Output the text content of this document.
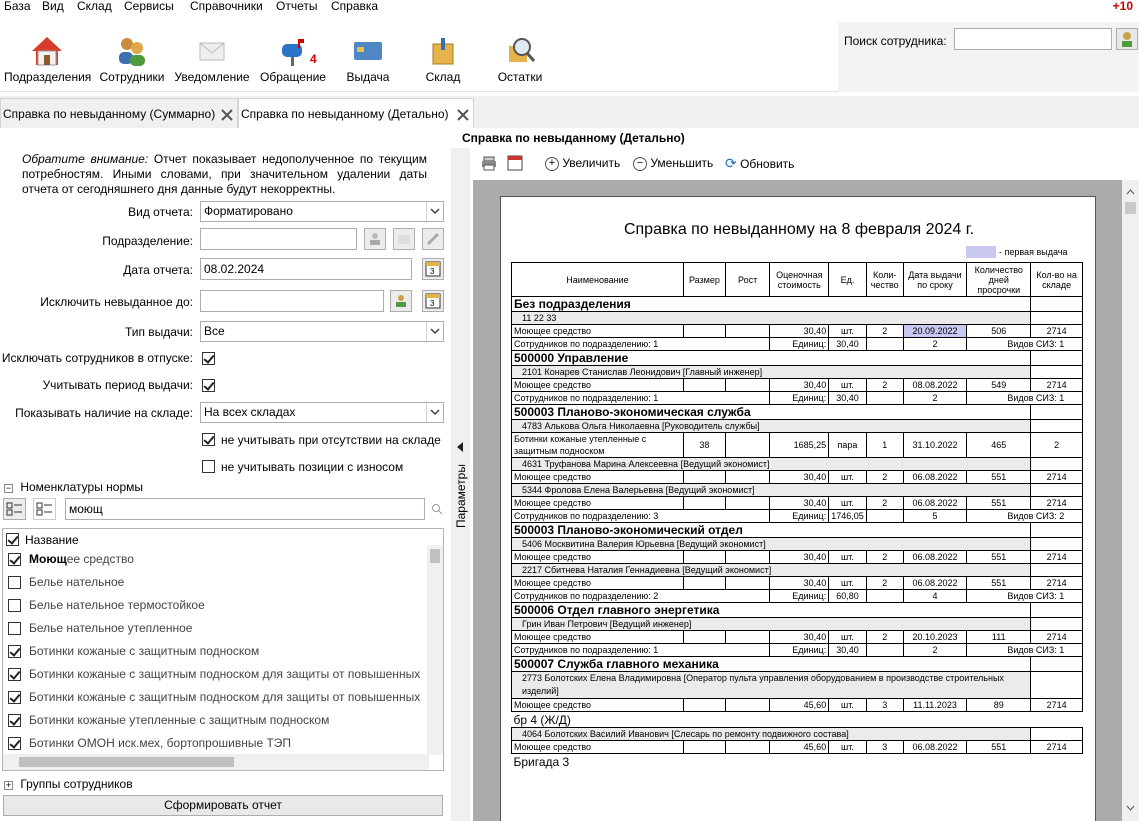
База Вид Склад Сервисы Справочники Отчеты Справка	+10
Подразделения Сотрудники Уведомление Обращение	Выдача	Склад	Остатки
4
Поиск сотрудника:
Справка по невыданному (Суммарно)	Справка по невыданному (Детально)
Обратите внимание: Отчет показывает недополученное по текущим потребностям. Иными словами, при значительном удалении даты отчета от сегодняшнего дня данные будут некорректны.
Вид отчета: Форматировано
Подразделение:
Дата отчета: 08.02.2024	3
Исключить невыданное до:	3
Тип выдачи: Все
Исключать сотрудников в отпуске:
Учитывать период выдачи:
Показывать наличие на складе: На всех складах
не учитывать при отсутствии на складе
не учитывать позиции с износом
− Номенклатуры нормы
моющ
Название
Моющее средство
Белье нательное
Белье нательное термостойкое
Белье нательное утепленное
Ботинки кожаные с защитным подноском
Ботинки кожаные с защитным подноском для защиты от повышенных
Ботинки кожаные с защитным подноском для защиты от повышенных
Ботинки кожаные утепленные с защитным подноском
Ботинки ОМОН иск.мех, бортопрошивные ТЭП
+ Группы сотрудников
Сформировать отчет
Параметры
Справка по невыданному (Детально)
+ Увеличить	− Уменьшить ⟳ Обновить
Справка по невыданному на 8 февраля 2024 г.
- первая выдача
Наименование	Размер	Рост	Оценочная стоимость	Ед.	Коли-чество	Дата выдачи по сроку	Количество дней просрочки	Кол-во на складе
Без подразделения								
11 22 33								
Моющее средство			30,40	шт.	2	20.09.2022	506	2714
Сотрудников по подразделению: 1			Единиц:	30,40		2	Видов СИЗ: 1	
500000 Управление								
2101 Конарев Станислав Леонидович [Главный инженер]								
Моющее средство			30,40	шт.	2	08.08.2022	549	2714
Сотрудников по подразделению: 1			Единиц:	30,40		2	Видов СИЗ: 1	
500003 Планово-экономическая служба								
4783 Алькова Ольга Николаевна [Руководитель службы]								
Ботинки кожаные утепленные с защитным подноском	38		1685,25	пара	1	31.10.2022	465	2
4631 Труфанова Марина Алексеевна [Ведущий экономист]								
Моющее средство			30,40	шт.	2	06.08.2022	551	2714
5344 Фролова Елена Валерьевна [Ведущий экономист]								
Моющее средство			30,40	шт.	2	06.08.2022	551	2714
Сотрудников по подразделению: 3			Единиц:	1746,05		5	Видов СИЗ: 2	
500003 Планово-экономический отдел								
5406 Москвитина Валерия Юрьевна [Ведущий экономист]								
Моющее средство			30,40	шт.	2	06.08.2022	551	2714
2217 Сбитнева Наталия Геннадиевна [Ведущий экономист]								
Моющее средство			30,40	шт.	2	06.08.2022	551	2714
Сотрудников по подразделению: 2			Единиц:	60,80		4	Видов СИЗ: 1	
500006 Отдел главного энергетика								
Грин Иван Петрович [Ведущий инженер]								
Моющее средство			30,40	шт.	2	20.10.2023	111	2714
Сотрудников по подразделению: 1			Единиц:	30,40		2	Видов СИЗ: 1	
500007 Служба главного механика								
2773 Болотских Елена Владимировна [Оператор пульта управления оборудованием в производстве строительных изделий]								
Моющее средство			45,60	шт.	3	11.11.2023	89	2714
бр 4 (Ж/Д)								
4064 Болотских Василий Иванович [Слесарь по ремонту подвижного состава]								
Моющее средство			45,60	шт.	3	06.08.2022	551	2714
Бригада 3								
